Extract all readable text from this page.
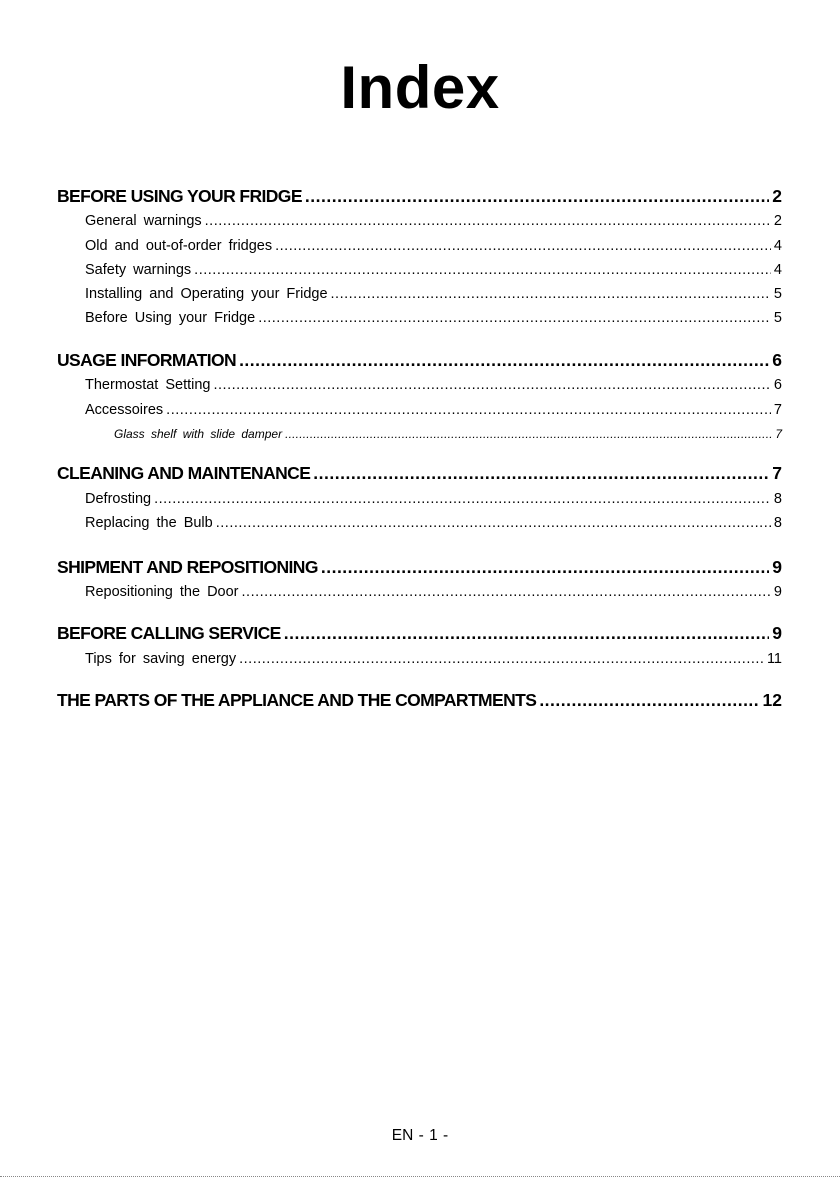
Index
BEFORE USING YOUR FRIDGE .....	2
General warnings .....	2
Old and out-of-order fridges .....	4
Safety warnings .....	4
Installing and Operating your Fridge .....	5
Before Using your Fridge .....	5
USAGE INFORMATION .....	6
Thermostat Setting .....	6
Accessoires .....	7
Glass shelf with slide damper .....	7
CLEANING AND MAINTENANCE .....	7
Defrosting .....	8
Replacing the Bulb .....	8
SHIPMENT AND REPOSITIONING .....	9
Repositioning the Door .....	9
BEFORE CALLING SERVICE .....	9
Tips for saving energy .....	11
THE PARTS OF THE APPLIANCE AND THE COMPARTMENTS .....	12
EN - 1 -
